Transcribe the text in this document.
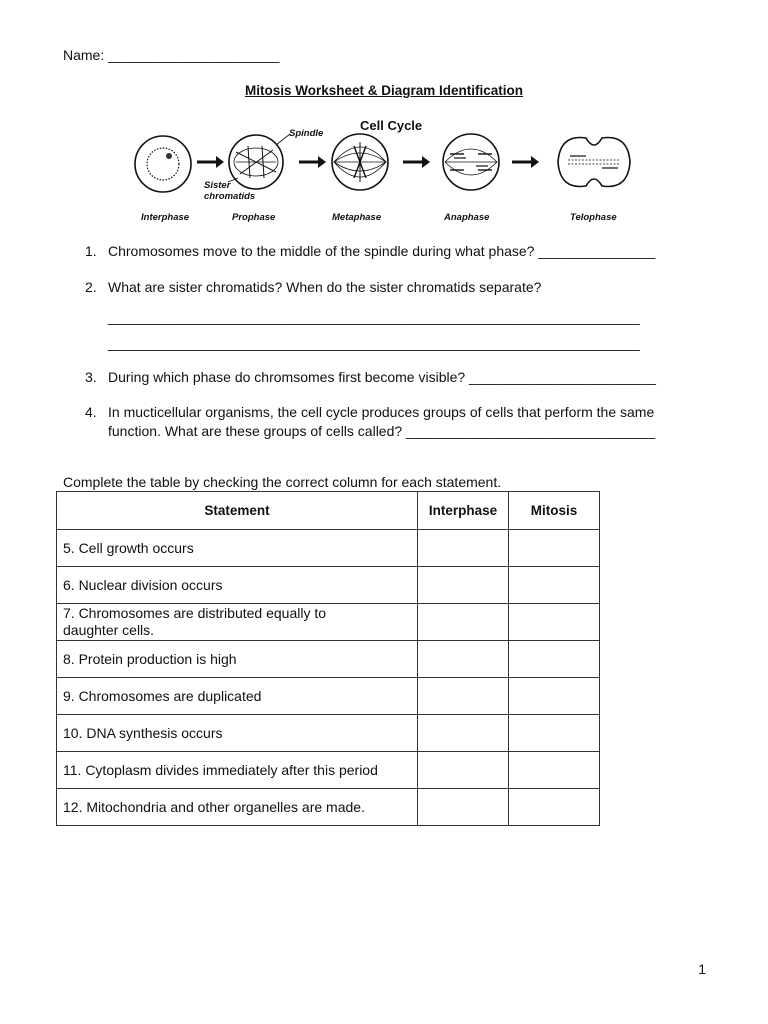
Name: ______________________
Mitosis Worksheet & Diagram Identification
Cell Cycle
Spindle
Sister
chromatids
Interphase	Prophase	Metaphase	Anaphase	Telophase
1. Chromosomes move to the middle of the spindle during what phase? _______________
2. What are sister chromatids? When do the sister chromatids separate?
_______________________________________________________________________
_______________________________________________________________________
3. During which phase do chromsomes first become visible? ________________________
4. In mucticellular organisms, the cell cycle produces groups of cells that perform the same function. What are these groups of cells called? ________________________________
Complete the table by checking the correct column for each statement.
Statement	Interphase	Mitosis
5. Cell growth occurs		
6. Nuclear division occurs		
7. Chromosomes are distributed equally to
daughter cells.		
8. Protein production is high		
9. Chromosomes are duplicated		
10. DNA synthesis occurs		
11. Cytoplasm divides immediately after this period		
12. Mitochondria and other organelles are made.		
1
